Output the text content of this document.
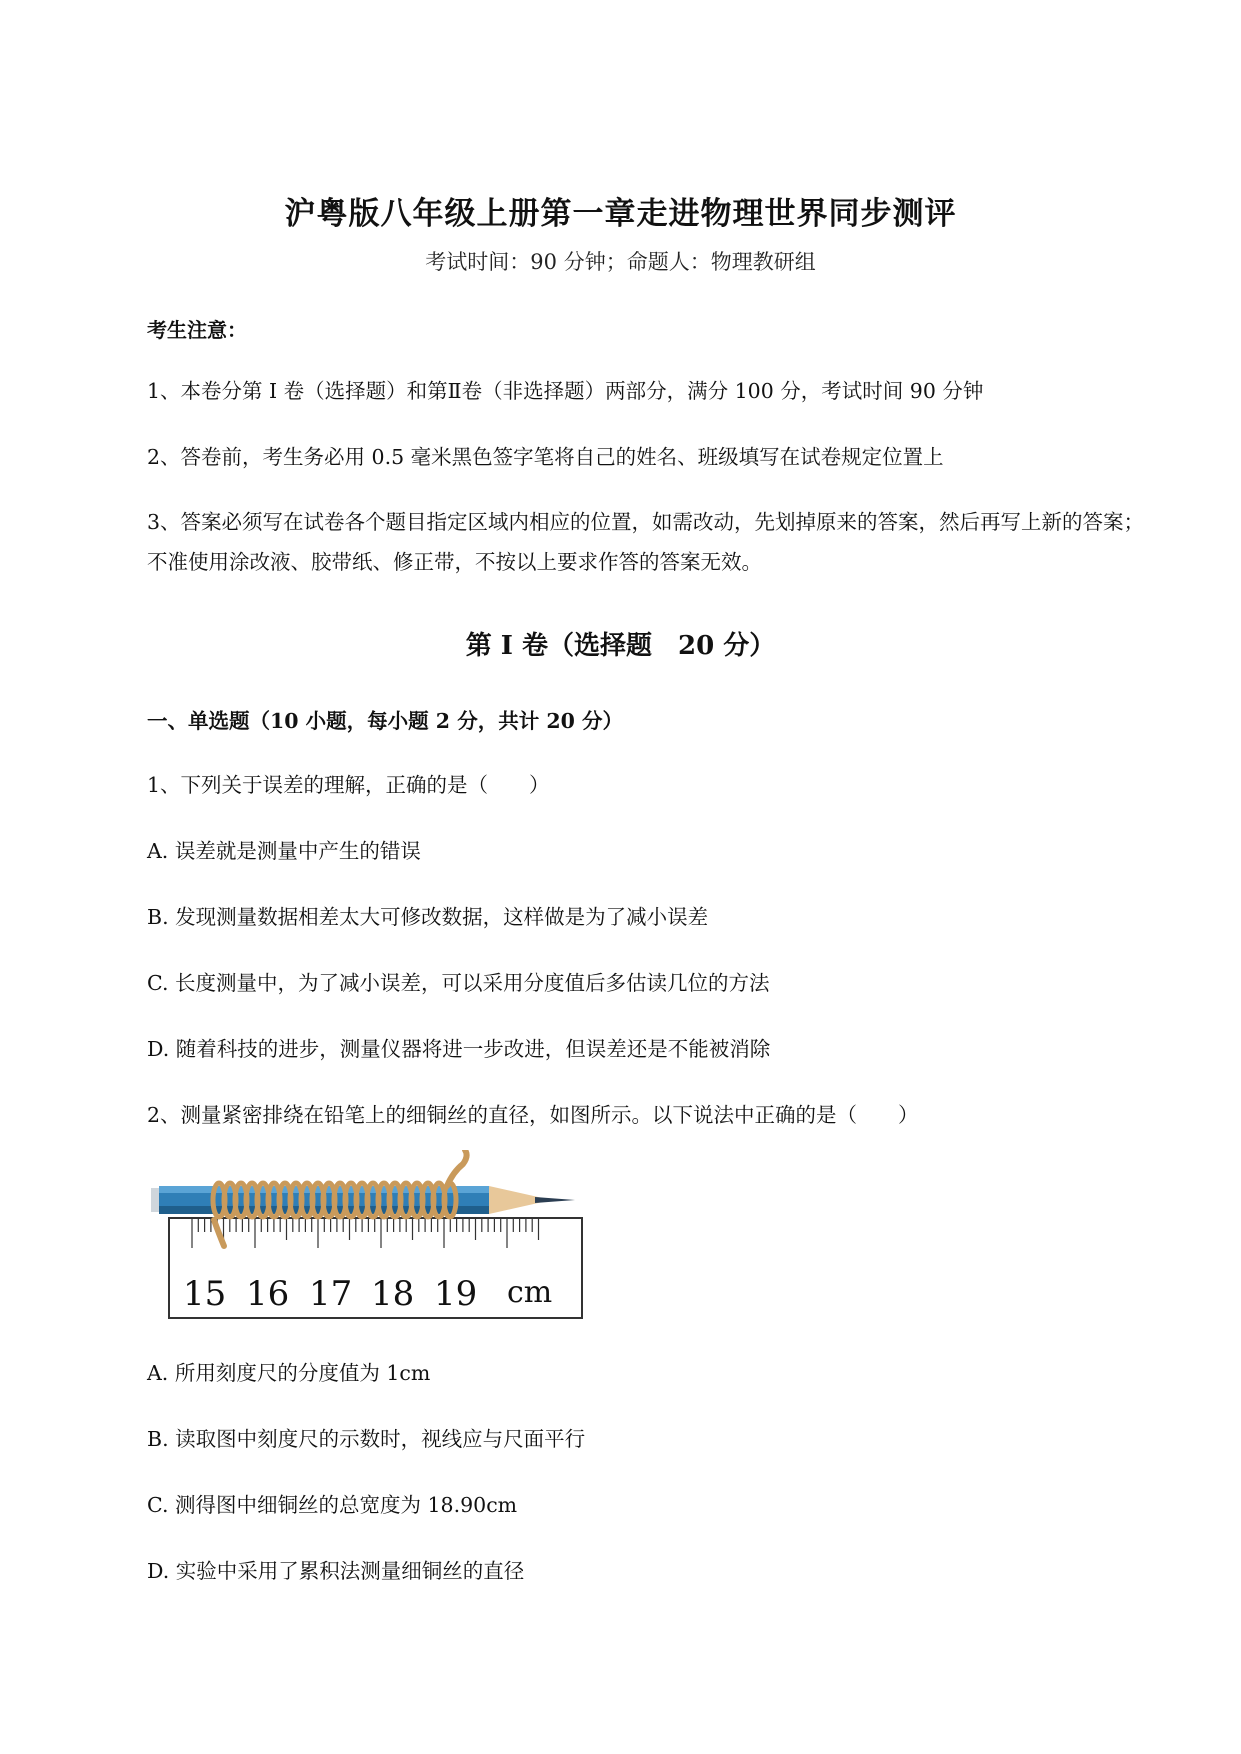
沪粤版八年级上册第一章走进物理世界同步测评
考试时间：90 分钟；命题人：物理教研组
考生注意：
1、本卷分第 I 卷（选择题）和第Ⅱ卷（非选择题）两部分，满分 100 分，考试时间 90 分钟
2、答卷前，考生务必用 0.5 毫米黑色签字笔将自己的姓名、班级填写在试卷规定位置上
3、答案必须写在试卷各个题目指定区域内相应的位置，如需改动，先划掉原来的答案，然后再写上新的答案；不准使用涂改液、胶带纸、修正带，不按以上要求作答的答案无效。
第 I 卷（选择题　20 分）
一、单选题（10 小题，每小题 2 分，共计 20 分）
1、下列关于误差的理解，正确的是（　　）
A. 误差就是测量中产生的错误
B. 发现测量数据相差太大可修改数据，这样做是为了减小误差
C. 长度测量中，为了减小误差，可以采用分度值后多估读几位的方法
D. 随着科技的进步，测量仪器将进一步改进，但误差还是不能被消除
2、测量紧密排绕在铅笔上的细铜丝的直径，如图所示。以下说法中正确的是（　　）
15 16 17 18 19 cm
A. 所用刻度尺的分度值为 1cm
B. 读取图中刻度尺的示数时，视线应与尺面平行
C. 测得图中细铜丝的总宽度为 18.90cm
D. 实验中采用了累积法测量细铜丝的直径
